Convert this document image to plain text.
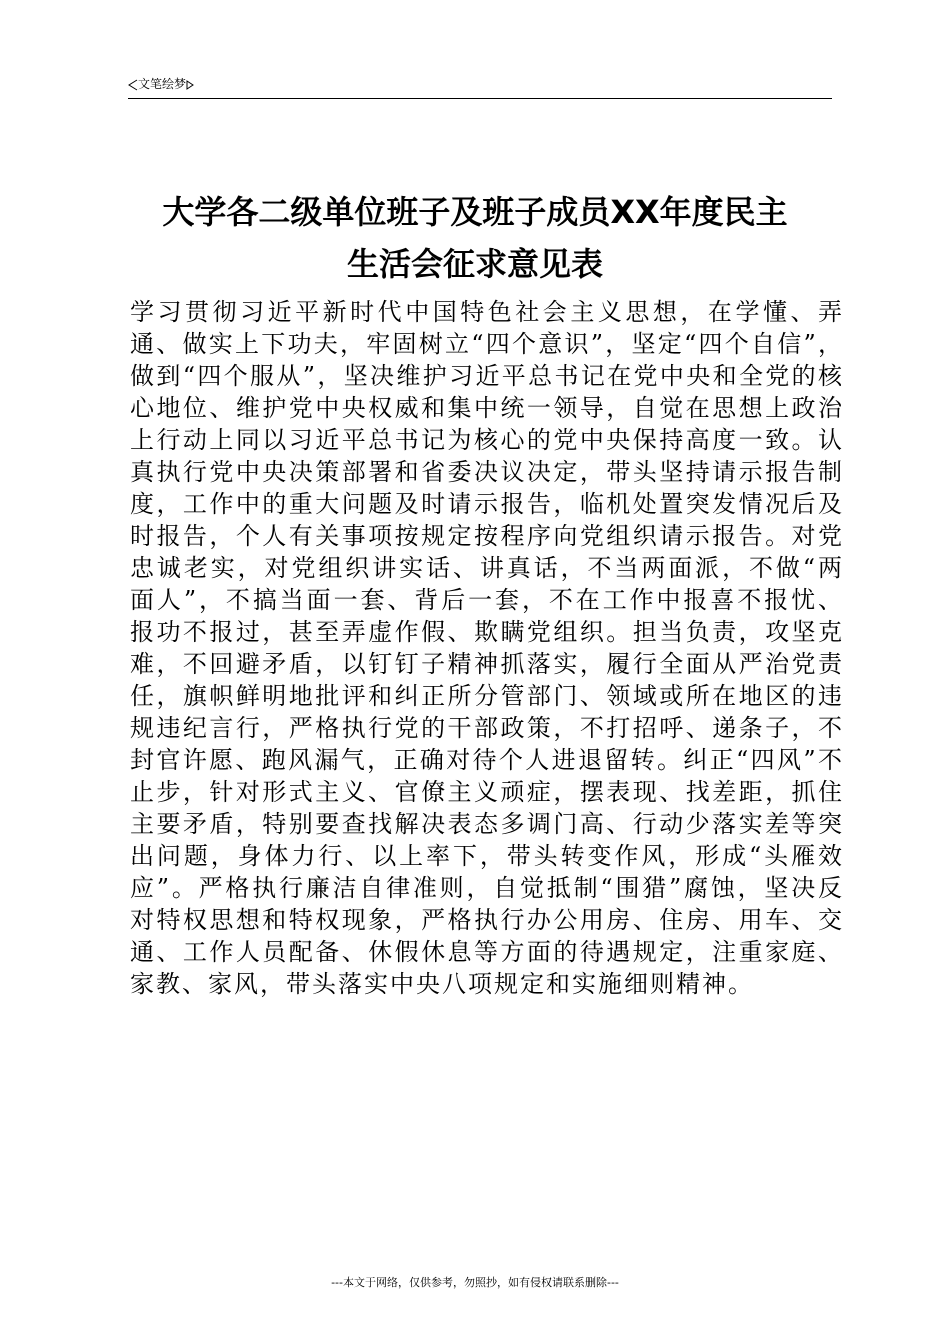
文笔绘梦
大学各二级单位班子及班子成员XX年度民主
生活会征求意见表

学习贯彻习近平新时代中国特色社会主义思想，在学懂、弄通、做实上下功夫，牢固树立“四个意识”，坚定“四个自信”，做到“四个服从”，坚决维护习近平总书记在党中央和全党的核心地位、维护党中央权威和集中统一领导，自觉在思想上政治上行动上同以习近平总书记为核心的党中央保持高度一致。认真执行党中央决策部署和省委决议决定，带头坚持请示报告制度，工作中的重大问题及时请示报告，临机处置突发情况后及时报告，个人有关事项按规定按程序向党组织请示报告。对党忠诚老实，对党组织讲实话、讲真话，不当两面派，不做“两面人”，不搞当面一套、背后一套，不在工作中报喜不报忧、报功不报过，甚至弄虚作假、欺瞒党组织。担当负责，攻坚克难，不回避矛盾，以钉钉子精神抓落实，履行全面从严治党责任，旗帜鲜明地批评和纠正所分管部门、领域或所在地区的违规违纪言行，严格执行党的干部政策，不打招呼、递条子，不封官许愿、跑风漏气，正确对待个人进退留转。纠正“四风”不止步，针对形式主义、官僚主义顽症，摆表现、找差距，抓住主要矛盾，特别要查找解决表态多调门高、行动少落实差等突出问题，身体力行、以上率下，带头转变作风，形成“头雁效应”。严格执行廉洁自律准则，自觉抵制“围猎”腐蚀，坚决反对特权思想和特权现象，严格执行办公用房、住房、用车、交通、工作人员配备、休假休息等方面的待遇规定，注重家庭、家教、家风，带头落实中央八项规定和实施细则精神。

---本文于网络，仅供参考，勿照抄，如有侵权请联系删除---
